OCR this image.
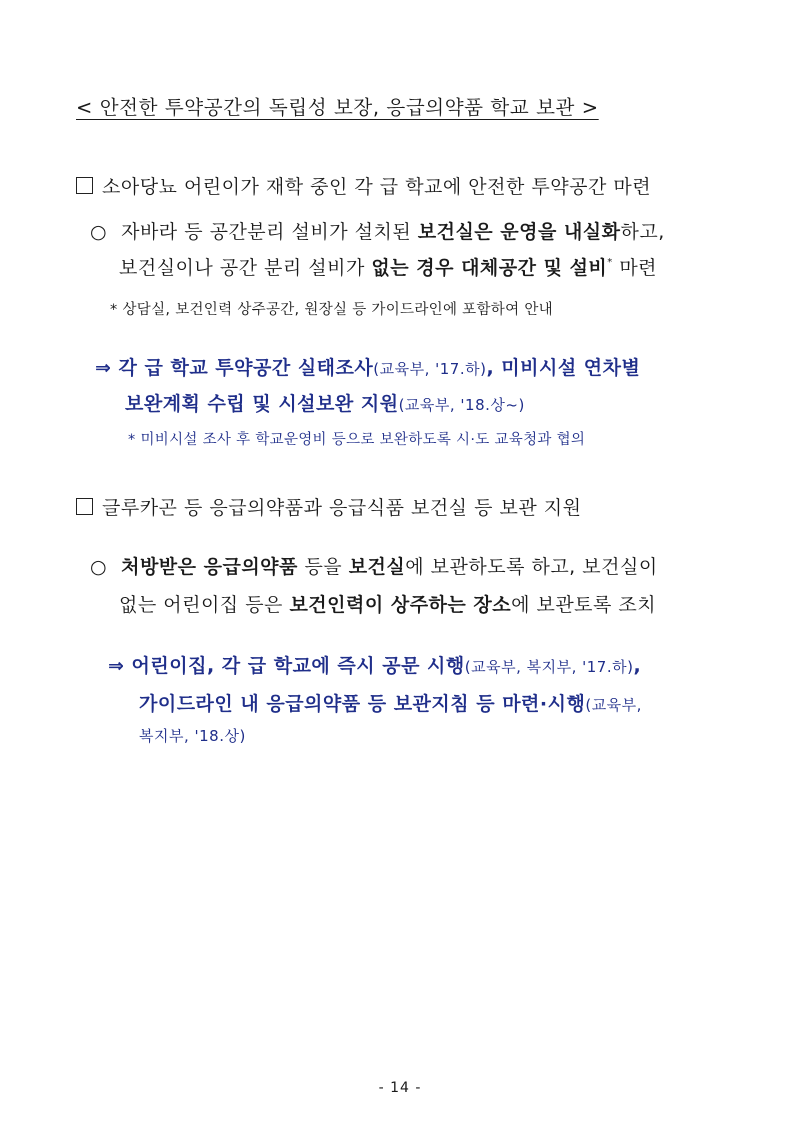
< 안전한 투약공간의 독립성 보장, 응급의약품 학교 보관 >
소아당뇨 어린이가 재학 중인 각 급 학교에 안전한 투약공간 마련
○ 자바라 등 공간분리 설비가 설치된 보건실은 운영을 내실화하고,
보건실이나 공간 분리 설비가 없는 경우 대체공간 및 설비* 마련
* 상담실, 보건인력 상주공간, 원장실 등 가이드라인에 포함하여 안내
⇒ 각 급 학교 투약공간 실태조사(교육부, '17.하), 미비시설 연차별
보완계획 수립 및 시설보완 지원(교육부, '18.상~)
* 미비시설 조사 후 학교운영비 등으로 보완하도록 시·도 교육청과 협의
글루카곤 등 응급의약품과 응급식품 보건실 등 보관 지원
○ 처방받은 응급의약품 등을 보건실에 보관하도록 하고, 보건실이
없는 어린이집 등은 보건인력이 상주하는 장소에 보관토록 조치
⇒ 어린이집, 각 급 학교에 즉시 공문 시행(교육부, 복지부, '17.하),
가이드라인 내 응급의약품 등 보관지침 등 마련·시행(교육부,
복지부, '18.상)
- 14 -
